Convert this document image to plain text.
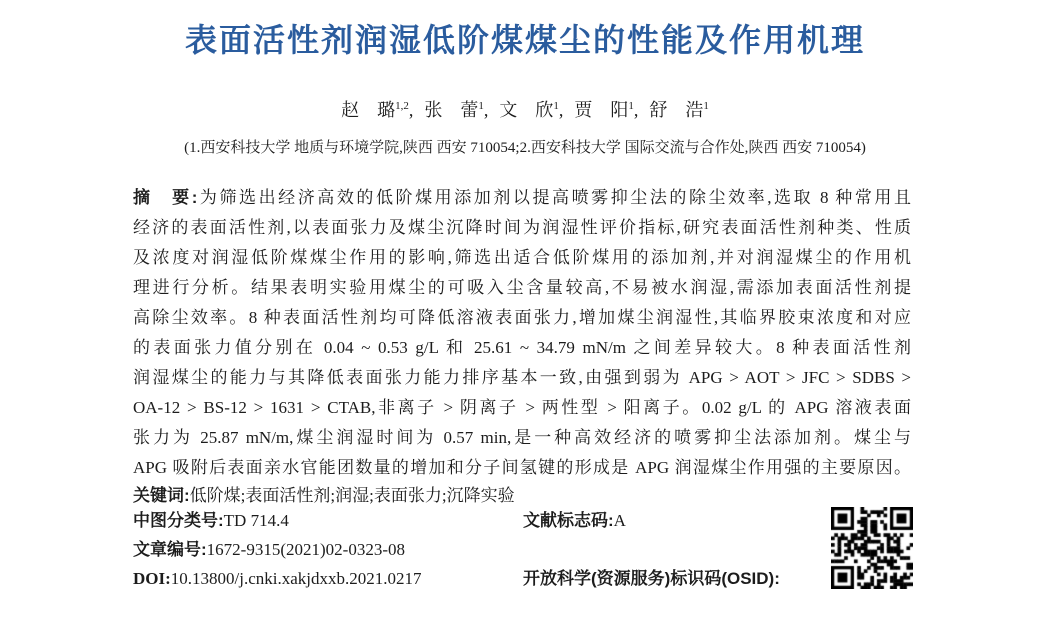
表面活性剂润湿低阶煤煤尘的性能及作用机理
赵　璐$^{1,2}$, 张　蕾$^1$, 文　欣$^1$, 贾　阳$^1$, 舒　浩$^1$
(1.西安科技大学 地质与环境学院,陕西 西安 710054;2.西安科技大学 国际交流与合作处,陕西 西安 710054)
摘　要:为筛选出经济高效的低阶煤用添加剂以提高喷雾抑尘法的除尘效率,选取 8 种常用且
经济的表面活性剂,以表面张力及煤尘沉降时间为润湿性评价指标,研究表面活性剂种类、性质
及浓度对润湿低阶煤煤尘作用的影响,筛选出适合低阶煤用的添加剂,并对润湿煤尘的作用机
理进行分析。结果表明实验用煤尘的可吸入尘含量较高,不易被水润湿,需添加表面活性剂提
高除尘效率。8 种表面活性剂均可降低溶液表面张力,增加煤尘润湿性,其临界胶束浓度和对应
的表面张力值分别在 0.04 ~ 0.53 g/L 和 25.61 ~ 34.79 mN/m 之间差异较大。8 种表面活性剂
润湿煤尘的能力与其降低表面张力能力排序基本一致,由强到弱为 APG > AOT > JFC > SDBS >
OA-12 > BS-12 > 1631 > CTAB,非离子 > 阴离子 > 两性型 > 阳离子。0.02 g/L 的 APG 溶液表面
张力为 25.87 mN/m,煤尘润湿时间为 0.57 min,是一种高效经济的喷雾抑尘法添加剂。煤尘与
APG 吸附后表面亲水官能团数量的增加和分子间氢键的形成是 APG 润湿煤尘作用强的主要原因。
关键词:低阶煤;表面活性剂;润湿;表面张力;沉降实验
中图分类号:TD 714.4	文献标志码:A
文章编号:1672-9315(2021)02-0323-08
DOI:10.13800/j.cnki.xakjdxxb.2021.0217	开放科学(资源服务)标识码(OSID):
